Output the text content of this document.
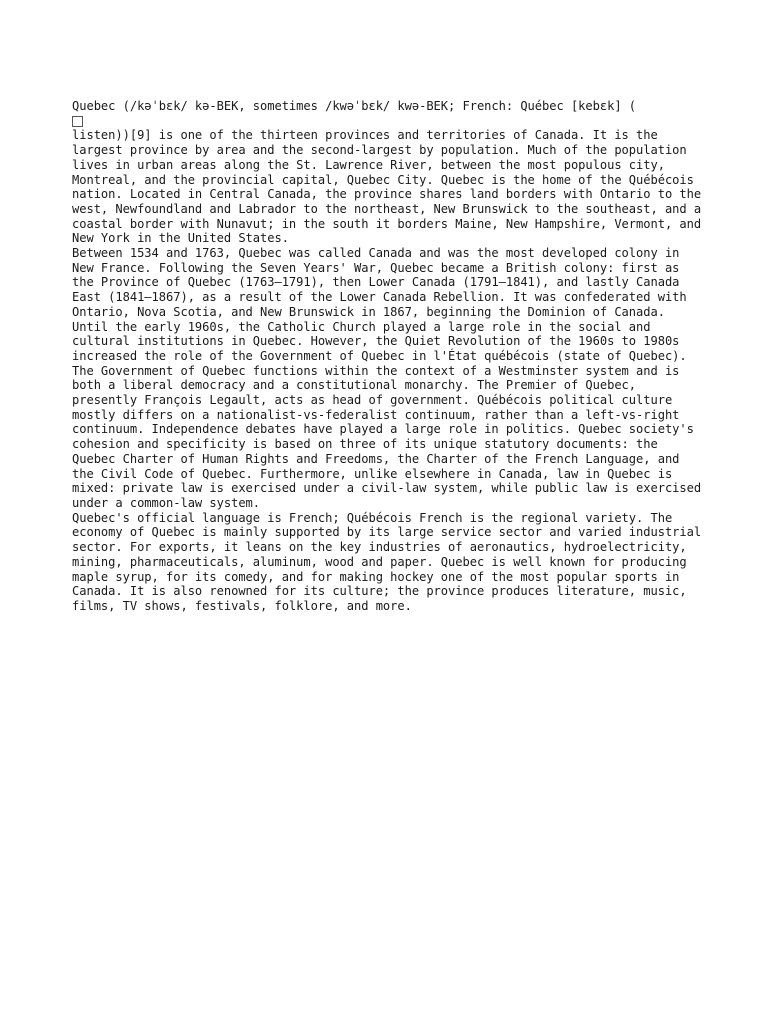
Quebec (/kəˈbɛk/ kə-BEK, sometimes /kwəˈbɛk/ kwə-BEK; French: Québec [kebɛk] (
listen))[9] is one of the thirteen provinces and territories of Canada. It is the largest province by area and the second-largest by population. Much of the population lives in urban areas along the St. Lawrence River, between the most populous city, Montreal, and the provincial capital, Quebec City. Quebec is the home of the Québécois nation. Located in Central Canada, the province shares land borders with Ontario to the west, Newfoundland and Labrador to the northeast, New Brunswick to the southeast, and a coastal border with Nunavut; in the south it borders Maine, New Hampshire, Vermont, and New York in the United States.

Between 1534 and 1763, Quebec was called Canada and was the most developed colony in New France. Following the Seven Years' War, Quebec became a British colony: first as the Province of Quebec (1763–1791), then Lower Canada (1791–1841), and lastly Canada East (1841–1867), as a result of the Lower Canada Rebellion. It was confederated with Ontario, Nova Scotia, and New Brunswick in 1867, beginning the Dominion of Canada. Until the early 1960s, the Catholic Church played a large role in the social and cultural institutions in Quebec. However, the Quiet Revolution of the 1960s to 1980s increased the role of the Government of Quebec in l'État québécois (state of Quebec).

The Government of Quebec functions within the context of a Westminster system and is both a liberal democracy and a constitutional monarchy. The Premier of Quebec, presently François Legault, acts as head of government. Québécois political culture mostly differs on a nationalist-vs-federalist continuum, rather than a left-vs-right continuum. Independence debates have played a large role in politics. Quebec society's cohesion and specificity is based on three of its unique statutory documents: the Quebec Charter of Human Rights and Freedoms, the Charter of the French Language, and the Civil Code of Quebec. Furthermore, unlike elsewhere in Canada, law in Quebec is mixed: private law is exercised under a civil-law system, while public law is exercised under a common-law system.

Quebec's official language is French; Québécois French is the regional variety. The economy of Quebec is mainly supported by its large service sector and varied industrial sector. For exports, it leans on the key industries of aeronautics, hydroelectricity, mining, pharmaceuticals, aluminum, wood and paper. Quebec is well known for producing maple syrup, for its comedy, and for making hockey one of the most popular sports in Canada. It is also renowned for its culture; the province produces literature, music, films, TV shows, festivals, folklore, and more.
